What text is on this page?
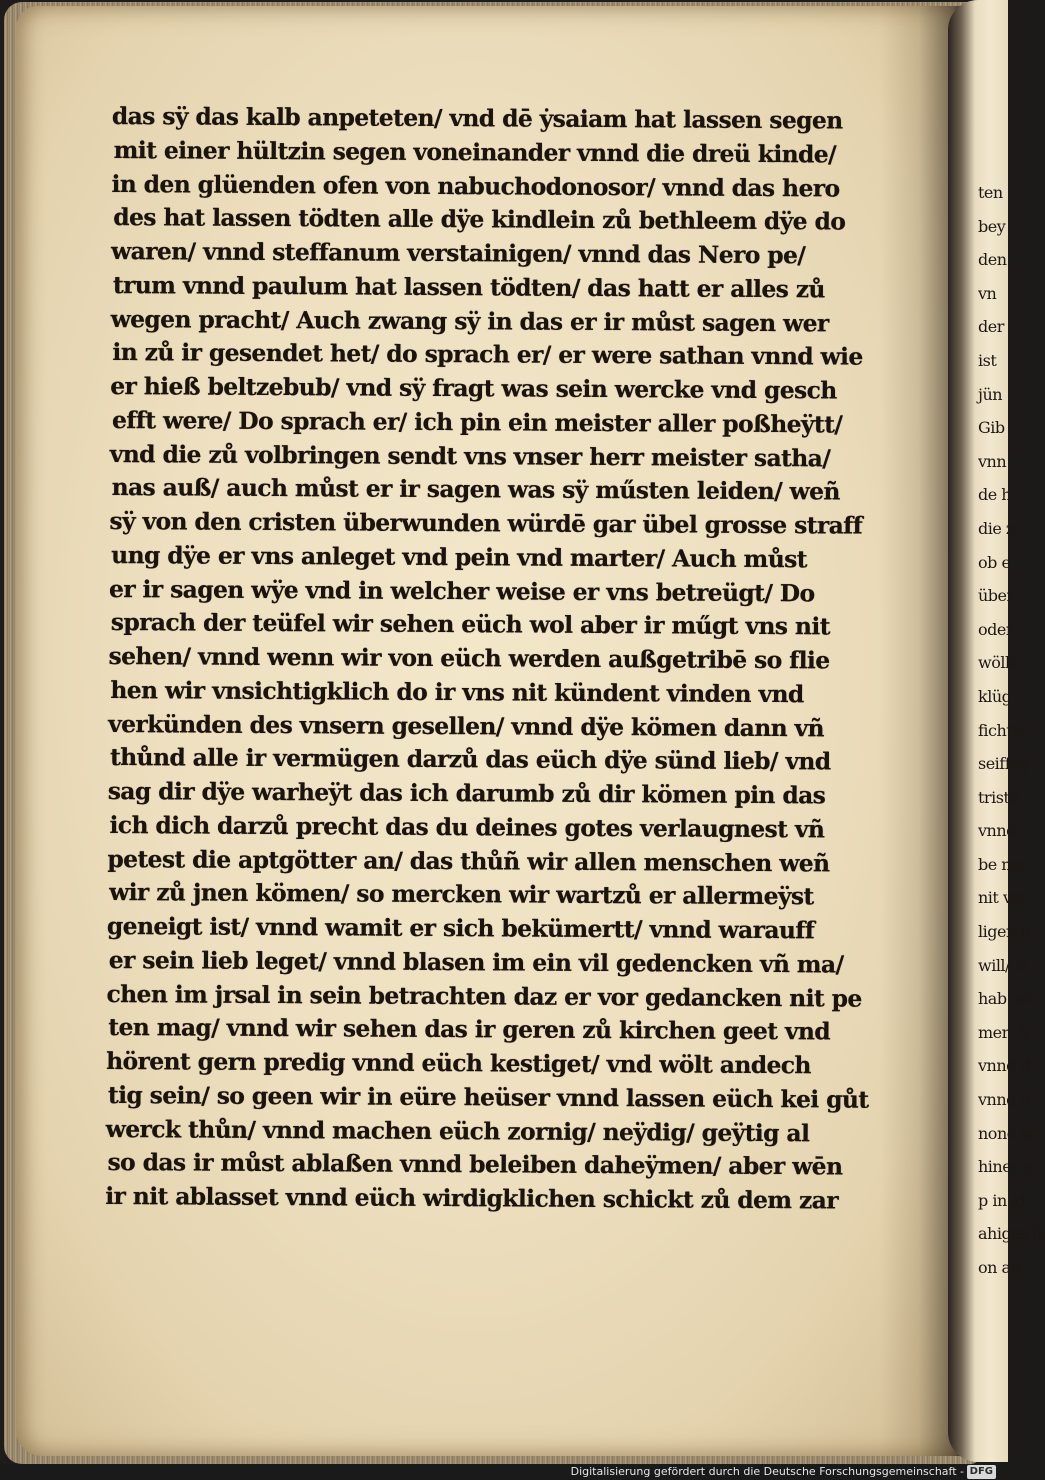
das sÿ das kalb anpeteten/ vnd dē ẏsaiam hat lassen segen
mit einer hültzin segen voneinander vnnd die dreü kinde/
in den glüenden ofen von nabuchodonosor/ vnnd das hero
des hat lassen tödten alle dÿe kindlein zů bethleem dÿe do
waren/ vnnd steffanum verstainigen/ vnnd das Nero pe/
trum vnnd paulum hat lassen tödten/ das hatt er alles zů
wegen pracht/ Auch zwang sÿ in das er ir můst sagen wer
in zů ir gesendet het/ do sprach er/ er were sathan vnnd wie
er hieß beltzebub/ vnd sÿ fragt was sein wercke vnd gesch
efft were/ Do sprach er/ ich pin ein meister aller poßheÿtt/
vnd die zů volbringen sendt vns vnser herr meister satha/
nas auß/ auch můst er ir sagen was sÿ műsten leiden/ weñ
sÿ von den cristen überwunden würdē gar übel grosse straff
ung dÿe er vns anleget vnd pein vnd marter/ Auch můst
er ir sagen wÿe vnd in welcher weise er vns betreügt/ Do
sprach der teüfel wir sehen eüch wol aber ir műgt vns nit
sehen/ vnnd wenn wir von eüch werden außgetribē so flie
hen wir vnsichtigklich do ir vns nit kündent vinden vnd
verkünden des vnsern gesellen/ vnnd dÿe kömen dann vñ
thůnd alle ir vermügen darzů das eüch dÿe sünd lieb/ vnd
sag dir dÿe warheÿt das ich darumb zů dir kömen pin das
ich dich darzů precht das du deines gotes verlaugnest vñ
petest die aptgötter an/ das thůñ wir allen menschen weñ
wir zů jnen kömen/ so mercken wir wartzů er allermeÿst
geneigt ist/ vnnd wamit er sich bekümertt/ vnnd warauff
er sein lieb leget/ vnnd blasen im ein vil gedencken vñ ma/
chen im jrsal in sein betrachten daz er vor gedancken nit pe
ten mag/ vnnd wir sehen das ir geren zů kirchen geet vnd
hörent gern predig vnnd eüch kestiget/ vnd wölt andech
tig sein/ so geen wir in eüre heüser vnnd lassen eüch kei gůt
werck thůn/ vnnd machen eüch zornig/ neÿdig/ geÿtig al
so das ir můst ablaßen vnnd beleiben daheÿmen/ aber wēn
ir nit ablasset vnnd eüch wirdigklichen schickt zů dem zar
ten
bey
den
vn
der
ist
jün
Gib
vnn
de h
die z
ob e
über
oder
wölle
klüg
fichtig
seiffeg
tristo
vnnd
be mic
nit ver
ligen n
will/ D
hab ein
mer/ S
vnnd d
vnnd u
nonē se
hines p
p in kl
ahiges ls
on als
Digitalisierung gefördert durch die Deutsche Forschungsgemeinschaft - DFG
